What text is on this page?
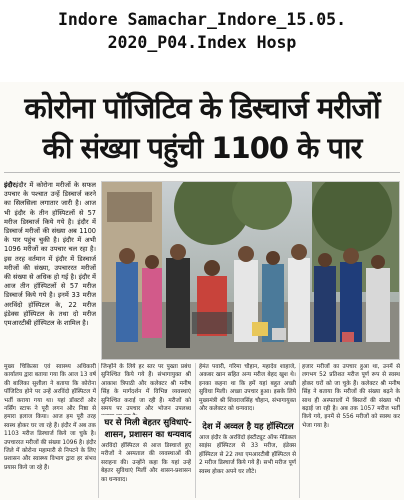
Indore Samachar_Indore_15.05.
2020_P04.Index Hosp
कोरोना पॉजिटिव के डिस्चार्ज मरीजों
की संख्या पहुंची 1100 के पार
इंदौरइंदौर में कोरोना मरीजों के सफल उपचार के पश्चात उन्हें डिस्चार्ज करने का सिलसिला लगातार जारी है। आज भी इंदौर के तीन हॉस्पिटलों से 57 मरीज डिस्चार्ज किये गये है। इंदौर में डिस्चार्ज मरीजों की संख्या अब 1100 के पार पहुंच चुकी है। इंदौर में अभी 1096 मरीजों का उपचार चल रहा है। इस तरह वर्तमान में इंदौर में डिस्चार्ज मरीजों की संख्या, उपचाररत मरीजों की संख्या से अधिक हो गई है। इंदौर में आज तीन हॉस्पिटलों से 57 मरीज डिस्चार्ज किये गये है। इनमें 33 मरीज अरविंदो हॉस्पिटल के, 22 मरीज इंडेक्स हॉस्पिटल के तथा दो मरीज एमआरटीबी हॉस्पिटल के शामिल है।
मुख्य चिकित्सा एवं स्वास्थ्य अधिकारी कार्यालय द्वारा बताया गया कि आज 13 वर्ष की बालिका सुशीला ने बताया कि कोरोना पॉजिटिव होने पर उन्हें अरविंदो हॉस्पिटल में भर्ती कराया गया था। यहां डॉक्टरों और नर्सिंग स्टाफ ने पूरी लगन और निष्ठा से हमारा इलाज किया। आज हम पूरी तरह स्वस्थ होकर घर जा रहे हैं। इंदौर में अब तक 1103 मरीज डिस्चार्ज किये जा चुके है। उपचाररत मरीजों की संख्या 1096 है। इंदौर जिले में कोरोना महामारी से निपटने के लिए प्रशासन और स्वास्थ्य विभाग द्वारा हर संभव प्रयास किये जा रहे हैं।
जिन्होंने के लिये हर स्तर पर पुख्ता प्रबंध सुनिश्चित किये गये हैं। संभागायुक्त श्री आकाश त्रिपाठी और कलेक्टर श्री मनीष सिंह के मार्गदर्शन में विभिन्न व्यवस्थाएं सुनिश्चित कराई जा रही हैं। मरीजों को समय पर उपचार और भोजन उपलब्ध
घर से मिली बेहतर सुविधाएं-
शासन, प्रशासन का धन्यवाद
अरविंदो हॉस्पिटल से आज डिस्चार्ज हुए मरीजों ने अस्पताल की व्यवस्थाओं की सराहना की। उन्होंने कहा कि यहां उन्हें बेहतर सुविधाएं मिलीं और शासन-प्रशासन का धन्यवाद।
हेमंत पवारी, गरिमा चौहान, महादेव शाहाजे, अकबर खान सहित अन्य मरीज बेहद खुश थे। इनका कहना था कि हमें यहां बहुत अच्छी सुविधा मिली। अच्छा उपचार हुआ। इसके लिये मुख्यमंत्री श्री शिवराजसिंह चौहान, संभागायुक्त और कलेक्टर को धन्यवाद।
देश में अव्वल है यह हॉस्पिटल
आज इंदौर के अरविंदो इंस्टीट्यूट ऑफ मेडिकल साइंस हॉस्पिटल से 33 मरीज, इंडेक्स हॉस्पिटल से 22 तथा एमआरटीबी हॉस्पिटल से 2 मरीज डिस्चार्ज किये गये हैं। सभी मरीज पूर्ण स्वस्थ होकर अपने घर लौटे।
हजार मरीजों का उपचार हुआ था, उनमें से लगभग 52 प्रतिशत मरीज पूर्ण रूप से स्वस्थ होकर घरों को जा चुके हैं। कलेक्टर श्री मनीष सिंह ने बताया कि मरीजों की संख्या बढ़ने के साथ ही अस्पतालों में बिस्तरों की संख्या भी बढ़ाई जा रही है। अब तक 1057 मरीज भर्ती किये गये, इनमें से 556 मरीजों को स्वस्थ कर भेजा गया है।
